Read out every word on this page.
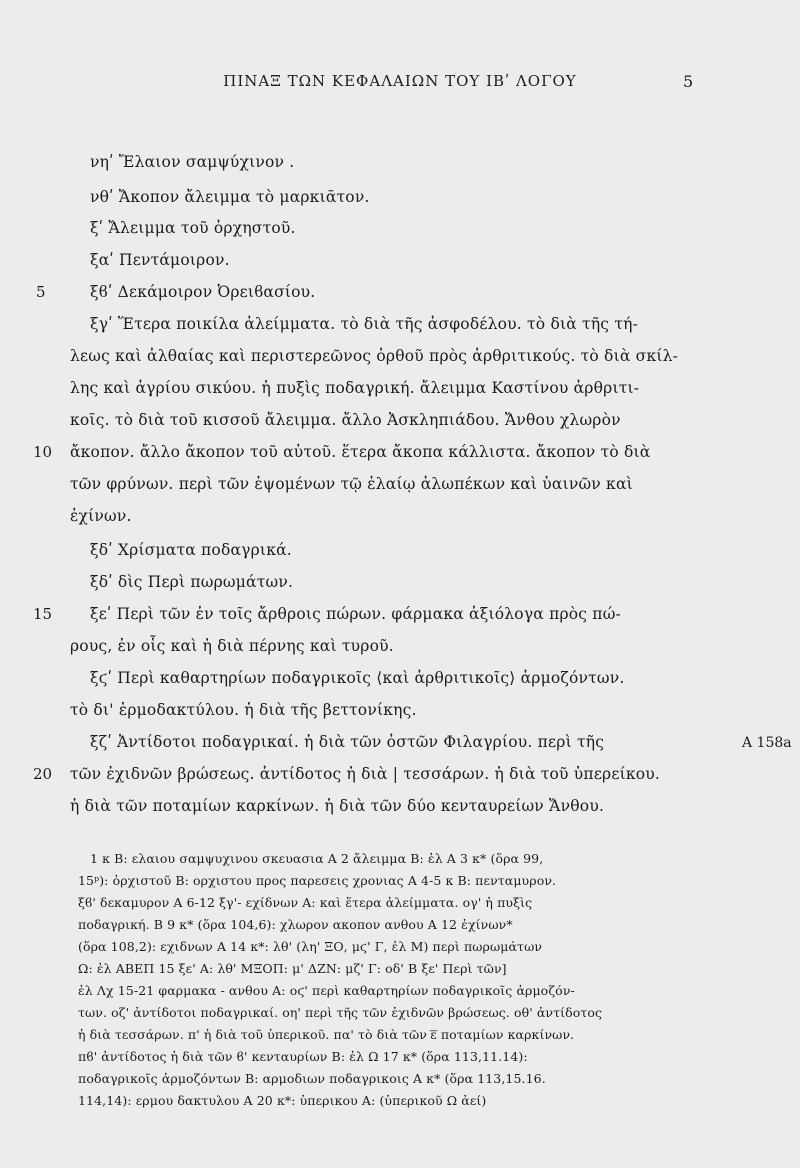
ΠΙΝΑΞ ΤΩΝ ΚΕΦΑΛΑΙΩΝ ΤΟΥ ΙΒʹ ΛΟΓΟΥ	5
νηʹ Ἔλαιον σαμψύχινον .
νθʹ Ἄκοπον ἄλειμμα τὸ μαρκιᾶτον.
ξʹ Ἄλειμμα τοῦ ὀρχηστοῦ.
ξαʹ Πεντάμοιρον.
ξϐʹ Δεκάμοιρον Ὀρειϐασίου.
ξγʹ Ἕτερα ποικίλα ἀλείμματα. τὸ διὰ τῆς ἀσφοδέλου. τὸ διὰ τῆς τή-
λεως καὶ ἀλθαίας καὶ περιστερεῶνος ὀρθοῦ πρὸς ἀρθριτικούς. τὸ διὰ σκίλ-
λης καὶ ἀγρίου σικύου. ἡ πυξὶς ποδαγρική. ἄλειμμα Καστίνου ἀρθριτι-
κοῖς. τὸ διὰ τοῦ κισσοῦ ἄλειμμα. ἄλλο Ἀσκληπιάδου. Ἄνθου χλωρὸν
ἄκοπον. ἄλλο ἄκοπον τοῦ αὐτοῦ. ἕτερα ἄκοπα κάλλιστα. ἄκοπον τὸ διὰ
τῶν φρύνων. περὶ τῶν ἑψομένων τῷ ἐλαίῳ ἀλωπέκων καὶ ὑαινῶν καὶ
ἐχίνων.
ξδʹ Χρίσματα ποδαγρικά.
ξδʹ δὶς Περὶ πωρωμάτων.
ξεʹ Περὶ τῶν ἐν τοῖς ἄρθροις πώρων. φάρμακα ἀξιόλογα πρὸς πώ-
ρους, ἐν οἷς καὶ ἡ διὰ πέρνης καὶ τυροῦ.
ξϛʹ Περὶ καθαρτηρίων ποδαγρικοῖς ⟨καὶ ἀρθριτικοῖς⟩ ἁρμοζόντων.
τὸ δι' ἑρμοδακτύλου. ἡ διὰ τῆς βεττονίκης.
ξζʹ Ἀντίδοτοι ποδαγρικαί. ἡ διὰ τῶν ὀστῶν Φιλαγρίου. περὶ τῆς
τῶν ἐχιδνῶν βρώσεως. ἀντίδοτος ἡ διὰ | τεσσάρων. ἡ διὰ τοῦ ὑπερείκου.
ἡ διὰ τῶν ποταμίων καρκίνων. ἡ διὰ τῶν δύο κενταυρείων Ἄνθου.
5
10
15
20
A 158a
1 κ B: ελαιου σαμψυχινου σκευασια A 2 ἄλειμμα B: ἐλ A 3 κ* (ὅρα 99,
15ᵖ): ὀρχιστοῦ B: ορχιστου προς παρεσεις χρονιας A 4-5 κ B: πενταμυρον.
ξϐ' δεκαμυρον A 6-12 ξγ'- εχίδνων A: καὶ ἕτερα ἀλείμματα. ογ' ἡ πυξὶς
ποδαγρική. B 9 κ* (ὅρα 104,6): χλωρον ακοπον ανθου A 12 ἐχίνων*
(ὅρα 108,2): εχιδνων A 14 κ*: λθ' (λη' ΞΟ, μϛ' Γ, ἐλ Μ) περὶ πωρωμάτων
Ω: ἐλ ΑΒΕΠ 15 ξε' A: λθ' ΜΞΟΠ: μ' ΔΖΝ: μζ' Γ: οδ' B ξε' Περὶ τῶν]
ἐλ Λχ 15-21 φαρμακα - ανθου A: οϛ' περὶ καθαρτηρίων ποδαγρικοῖς ἁρμοζόν-
των. οζ' ἀντίδοτοι ποδαγρικαί. οη' περὶ τῆς τῶν ἐχιδνῶν βρώσεως. οθ' ἀντίδοτος
ἡ διὰ τεσσάρων. π' ἡ διὰ τοῦ ὑπερικοῦ. πα' τὸ διὰ τῶν ͞ε ποταμίων καρκίνων.
πϐ' ἀντίδοτος ἡ διὰ τῶν ϐ' κενταυρίων B: ἐλ Ω 17 κ* (ὅρα 113,11.14):
ποδαγρικοῖς ἁρμοζόντων B: αρμοδιων ποδαγρικοις A κ* (ὅρα 113,15.16.
114,14): ερμου δακτυλου A 20 κ*: ὑπερικου A: (ὑπερικοῦ Ω ἀεί)
